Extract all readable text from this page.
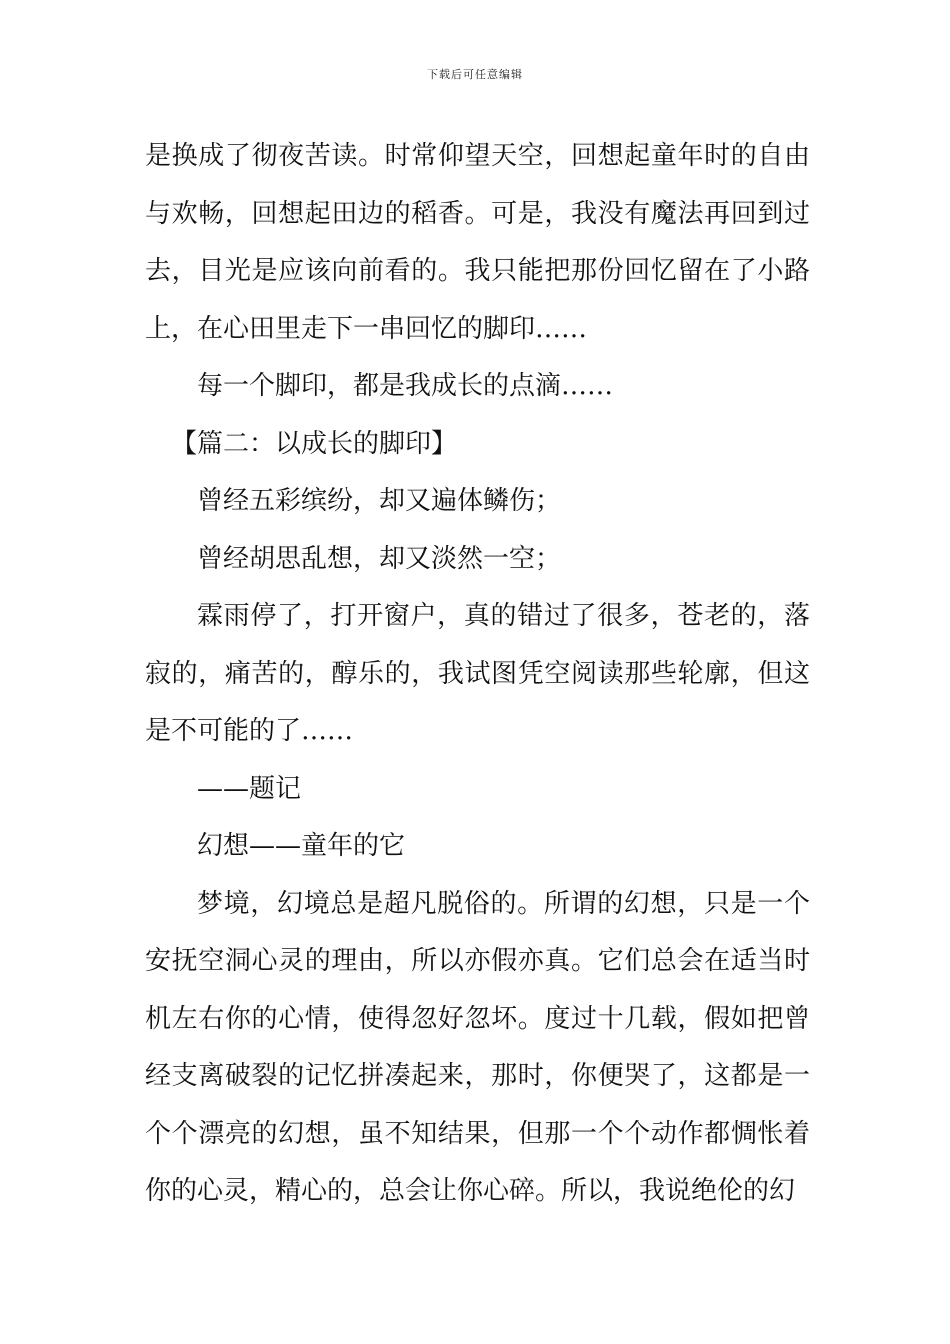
下载后可任意编辑

是换成了彻夜苦读。时常仰望天空，回想起童年时的自由与欢畅，回想起田边的稻香。可是，我没有魔法再回到过去，目光是应该向前看的。我只能把那份回忆留在了小路上，在心田里走下一串回忆的脚印……

每一个脚印，都是我成长的点滴……

【篇二：以成长的脚印】

曾经五彩缤纷，却又遍体鳞伤；

曾经胡思乱想，却又淡然一空；

霖雨停了，打开窗户，真的错过了很多，苍老的，落寂的，痛苦的，醇乐的，我试图凭空阅读那些轮廓，但这是不可能的了……

——题记

幻想——童年的它

梦境，幻境总是超凡脱俗的。所谓的幻想，只是一个安抚空洞心灵的理由，所以亦假亦真。它们总会在适当时机左右你的心情，使得忽好忽坏。度过十几载，假如把曾经支离破裂的记忆拼凑起来，那时，你便哭了，这都是一个个漂亮的幻想，虽不知结果，但那一个个动作都惆怅着你的心灵，精心的，总会让你心碎。所以，我说绝伦的幻
